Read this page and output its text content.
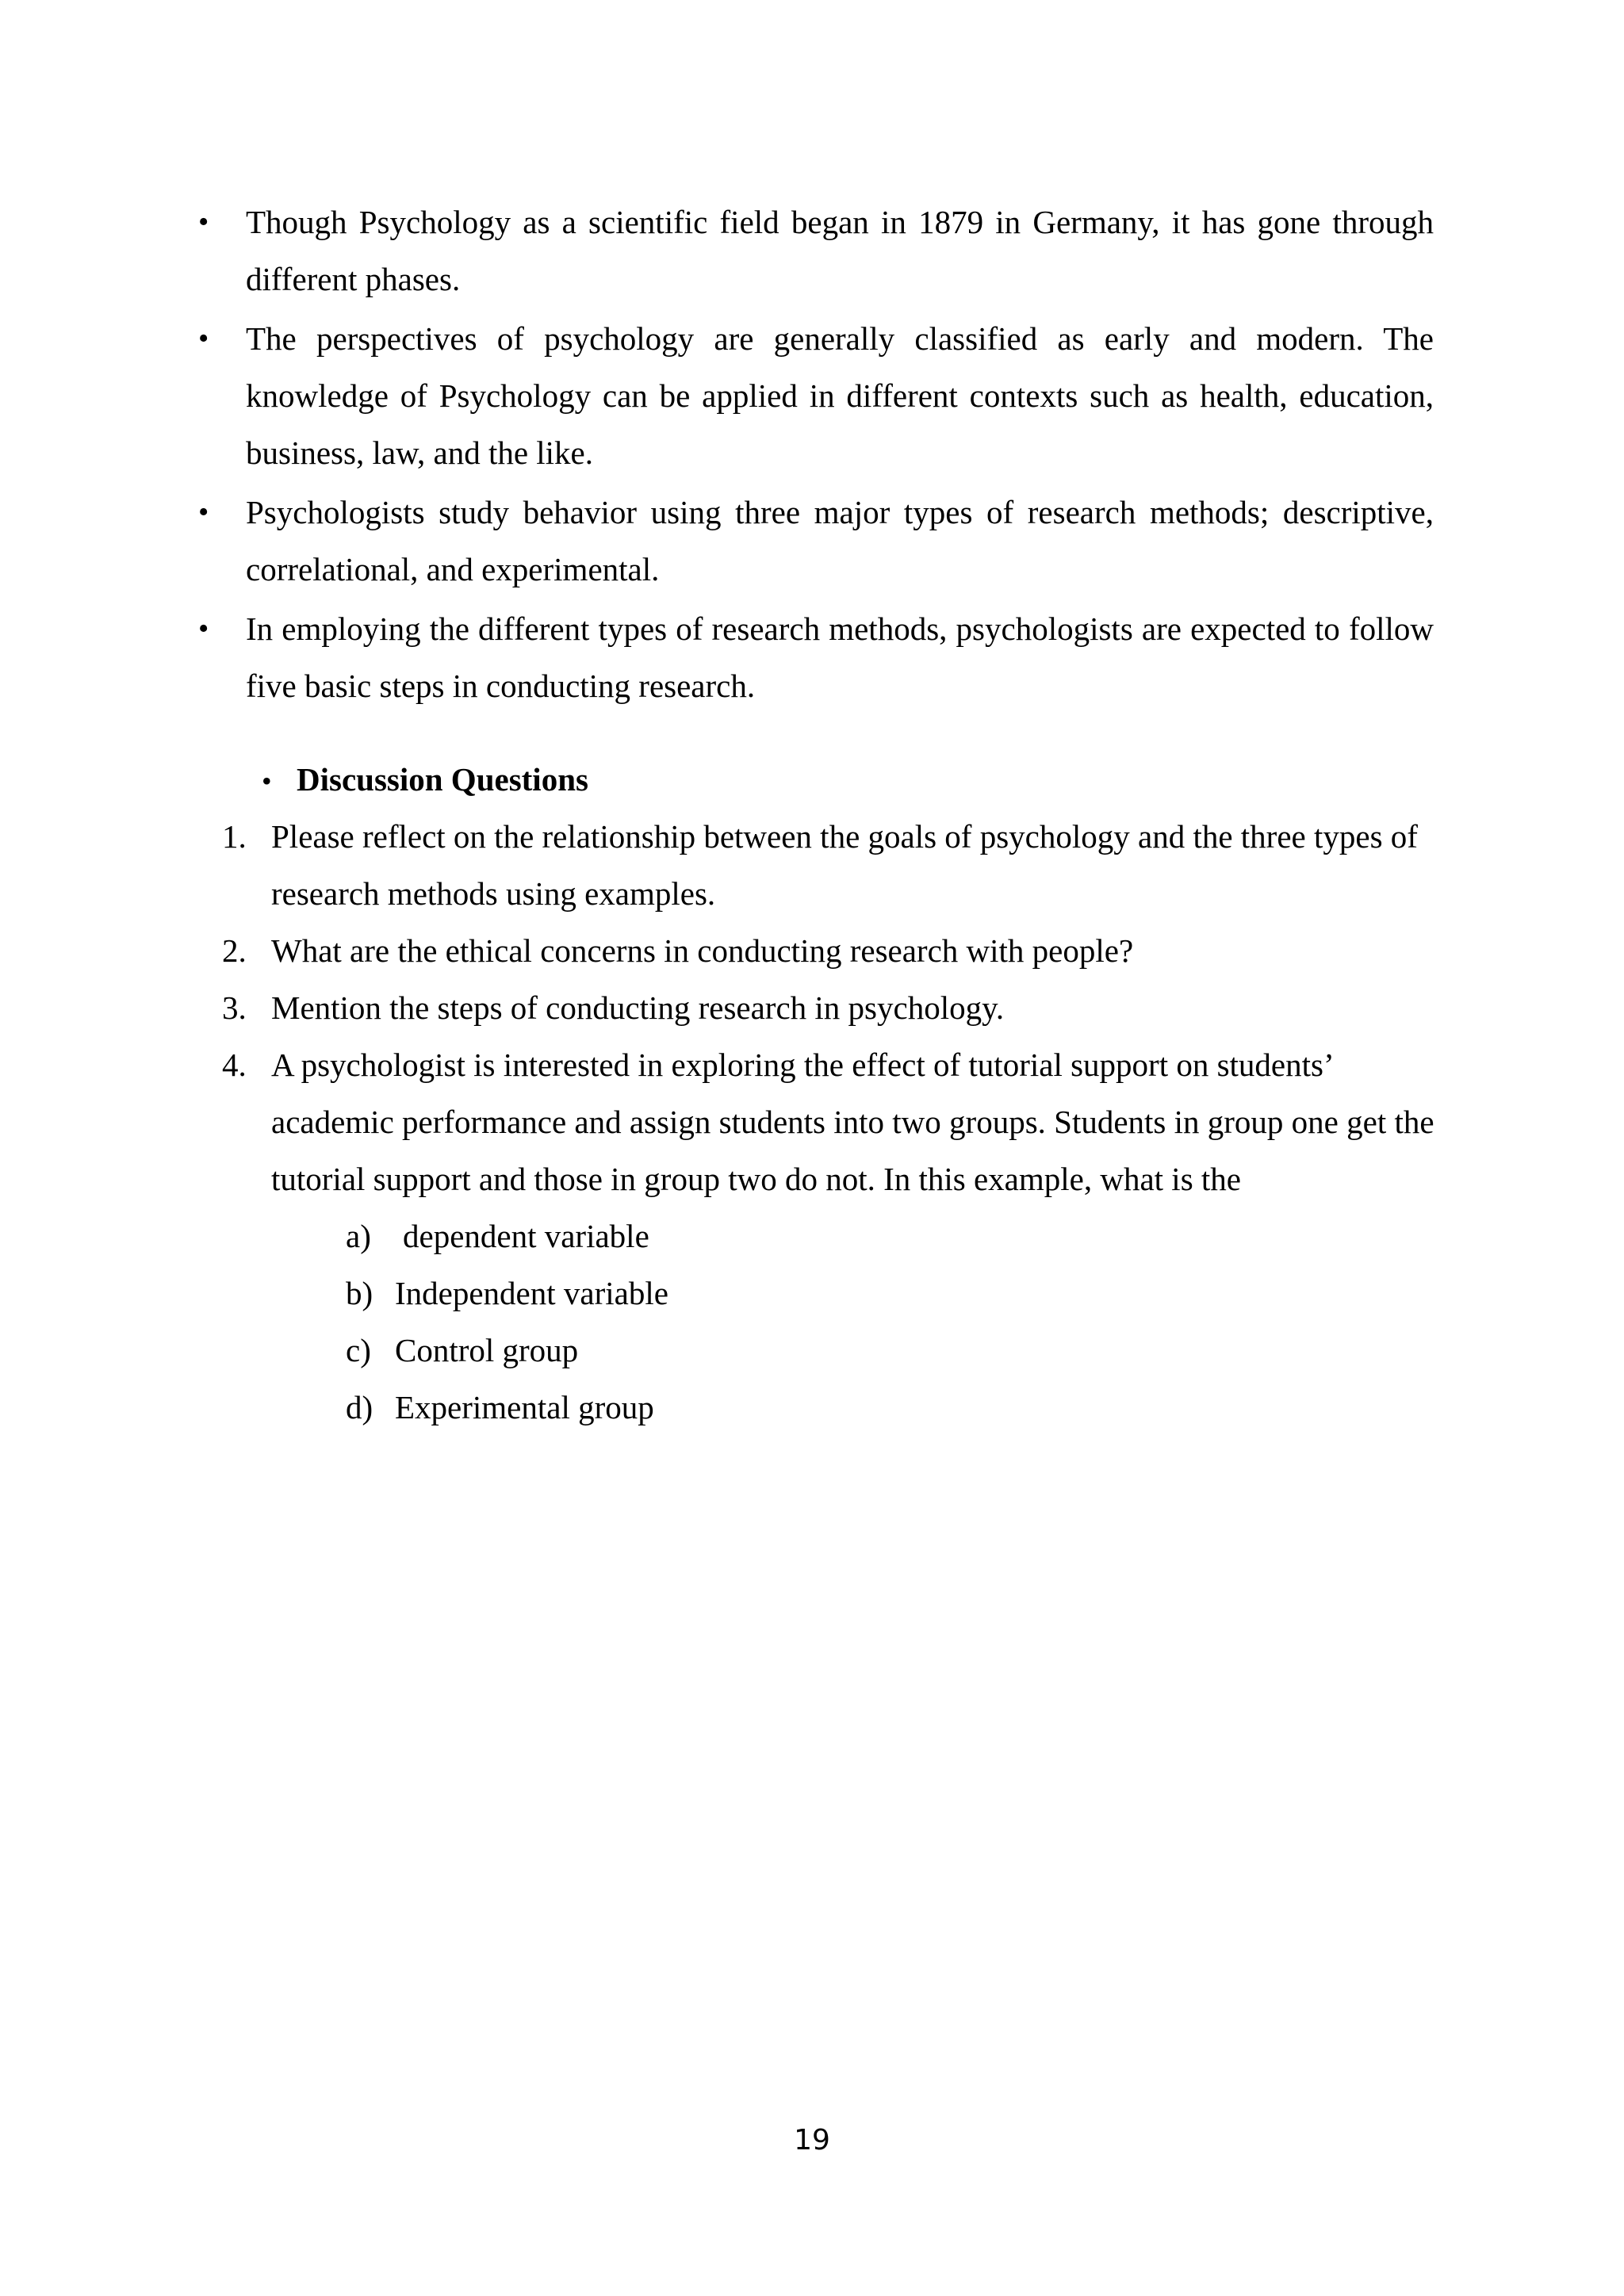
•	Though Psychology as a scientific field began in 1879 in Germany, it has gone through different phases.
•	The perspectives of psychology are generally classified as early and modern. The knowledge of Psychology can be applied in different contexts such as health, education, business, law, and the like.
•	Psychologists study behavior using three major types of research methods; descriptive, correlational, and experimental.
•	In employing the different types of research methods, psychologists are expected to follow five basic steps in conducting research.

• Discussion Questions

1. Please reflect on the relationship between the goals of psychology and the three types of research methods using examples.
2. What are the ethical concerns in conducting research with people?
3. Mention the steps of conducting research in psychology.
4. A psychologist is interested in exploring the effect of tutorial support on students’ academic performance and assign students into two groups. Students in group one get the tutorial support and those in group two do not. In this example, what is the
a) dependent variable
b) Independent variable
c) Control group
d) Experimental group
19
